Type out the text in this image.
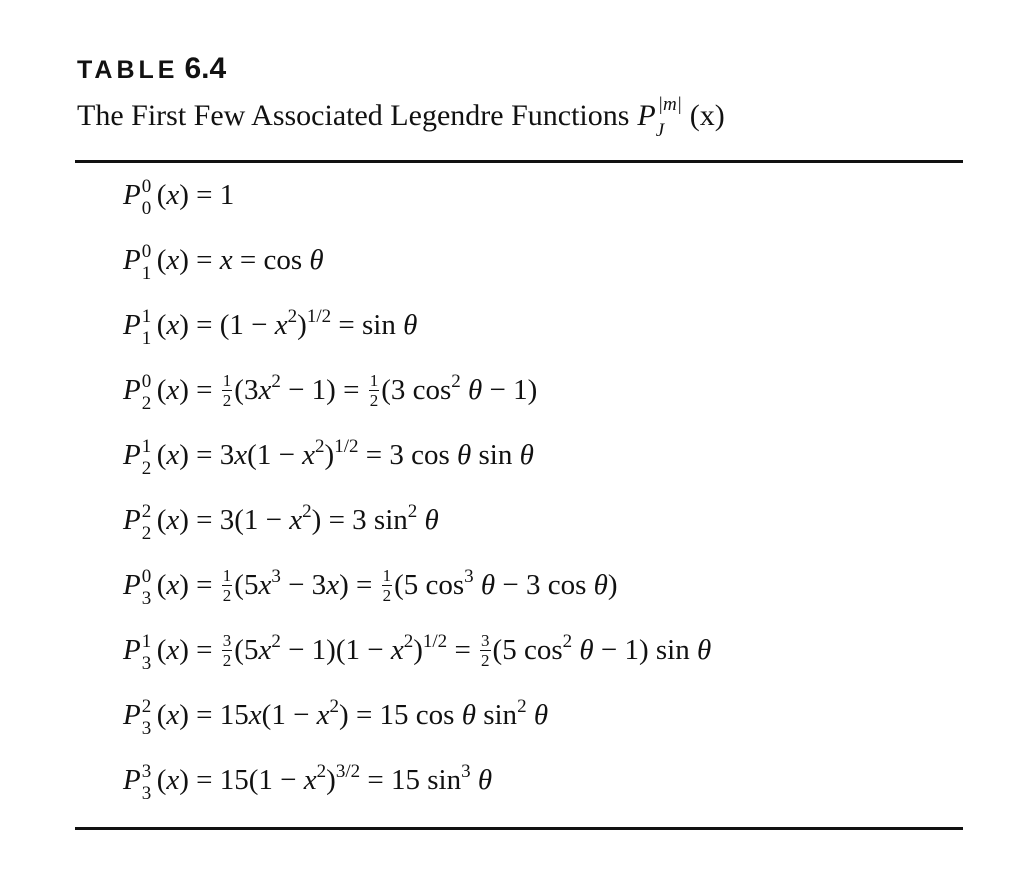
TABLE 6.4
The First Few Associated Legendre Functions P |m|
J (x)
P 0
0 (x) = 1
P 0
1 (x) = x = cos θ
P 1
1 $(x) = (1 - x^2)^{1/2} = \sin \theta$
P 0
2 $(x) = \frac{1}{2} (3x^2 - 1) = \frac{1}{2} (3$ $\cos^2 \theta - 1$)
P 1
2 $(x) = 3x(1 - x^2)^{1/2} = 3$ cos θ sin θ
P 2
2 $(x) = 3(1 - x^2) = 3$ $\sin^2 \theta$
P 0
3 $(x) = \frac{1}{2} (5x^3 - 3x) = \frac{1}{2} (5$ $\cos^3 \theta - 3$ cos θ)
P 1
3 $(x) = \frac{3}{2} (5x^2 - 1)(1 - x^2)^{1/2} = \frac{3}{2} (5$ $\cos^2 \theta - 1$) sin θ
P 2
3 $(x) = 15x(1 - x^2) = 15$ cos θ $\sin^2 \theta$
P 3
3 $(x) = 15(1 - x^2)^{3/2} = 15$ $\sin^3 \theta$
